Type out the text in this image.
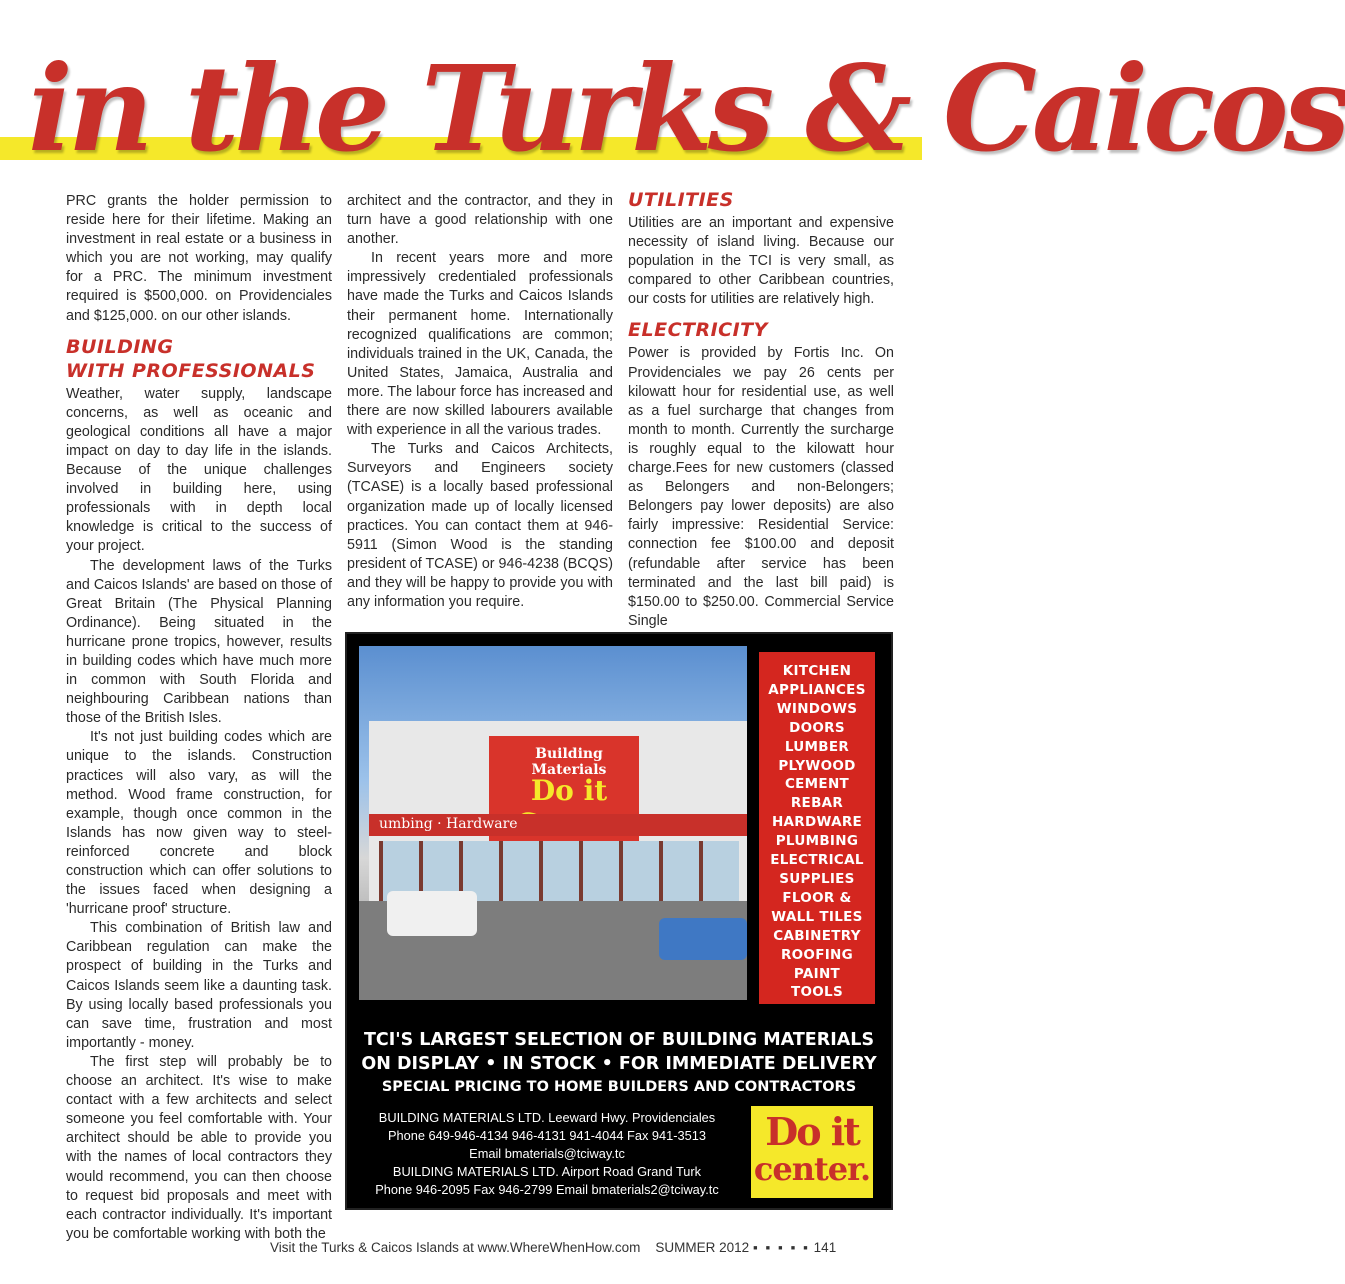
in the Turks & Caicos

PRC grants the holder permission to reside here for their lifetime. Making an investment in real estate or a business in which you are not working, may qualify for a PRC. The minimum investment required is $500,000. on Providenciales and $125,000. on our other islands.

BUILDING
WITH PROFESSIONALS

Weather, water supply, landscape concerns, as well as oceanic and geological conditions all have a major impact on day to day life in the islands. Because of the unique challenges involved in building here, using professionals with in depth local knowledge is critical to the success of your project.

The development laws of the Turks and Caicos Islands' are based on those of Great Britain (The Physical Planning Ordinance). Being situated in the hurricane prone tropics, however, results in building codes which have much more in common with South Florida and neighbouring Caribbean nations than those of the British Isles.

It's not just building codes which are unique to the islands. Construction practices will also vary, as will the method. Wood frame construction, for example, though once common in the Islands has now given way to steel-reinforced concrete and block construction which can offer solutions to the issues faced when designing a 'hurricane proof' structure.

This combination of British law and Caribbean regulation can make the prospect of building in the Turks and Caicos Islands seem like a daunting task. By using locally based professionals you can save time, frustration and most importantly - money.

The first step will probably be to choose an architect. It's wise to make contact with a few architects and select someone you feel comfortable with. Your architect should be able to provide you with the names of local contractors they would recommend, you can then choose to request bid proposals and meet with each contractor individually. It's important you be comfortable working with both the

architect and the contractor, and they in turn have a good relationship with one another.

In recent years more and more impressively credentialed professionals have made the Turks and Caicos Islands their permanent home. Internationally recognized qualifications are common; individuals trained in the UK, Canada, the United States, Jamaica, Australia and more. The labour force has increased and there are now skilled labourers available with experience in all the various trades.

The Turks and Caicos Architects, Surveyors and Engineers society (TCASE) is a locally based professional organization made up of locally licensed practices. You can contact them at 946-5911 (Simon Wood is the standing president of TCASE) or 946-4238 (BCQS) and they will be happy to provide you with any information you require.

UTILITIES

Utilities are an important and expensive necessity of island living. Because our population in the TCI is very small, as compared to other Caribbean countries, our costs for utilities are relatively high.

ELECTRICITY

Power is provided by Fortis Inc. On Providenciales we pay 26 cents per kilowatt hour for residential use, as well as a fuel surcharge that changes from month to month. Currently the surcharge is roughly equal to the kilowatt hour charge.Fees for new customers (classed as Belongers and non-Belongers; Belongers pay lower deposits) are also fairly impressive: Residential Service: connection fee $100.00 and deposit (refundable after service has been terminated and the last bill paid) is $150.00 to $250.00. Commercial Service Single

Building Materials
Do it
umbing · Hardware
KITCHEN
APPLIANCES
WINDOWS
DOORS
LUMBER
PLYWOOD
CEMENT
REBAR
HARDWARE
PLUMBING
ELECTRICAL
SUPPLIES
FLOOR &
WALL TILES
CABINETRY
ROOFING
PAINT
TOOLS
TCI'S LARGEST SELECTION OF BUILDING MATERIALS
ON DISPLAY • IN STOCK • FOR IMMEDIATE DELIVERY
SPECIAL PRICING TO HOME BUILDERS AND CONTRACTORS
BUILDING MATERIALS LTD. Leeward Hwy. Providenciales
Phone 649-946-4134 946-4131 941-4044 Fax 941-3513
Email bmaterials@tciway.tc
BUILDING MATERIALS LTD. Airport Road Grand Turk
Phone 946-2095 Fax 946-2799 Email bmaterials2@tciway.tc
Do it
center.
Visit the Turks & Caicos Islands at www.WhereWhenHow.com SUMMER 2012 ▪ ▪ ▪ ▪ ▪ 141
